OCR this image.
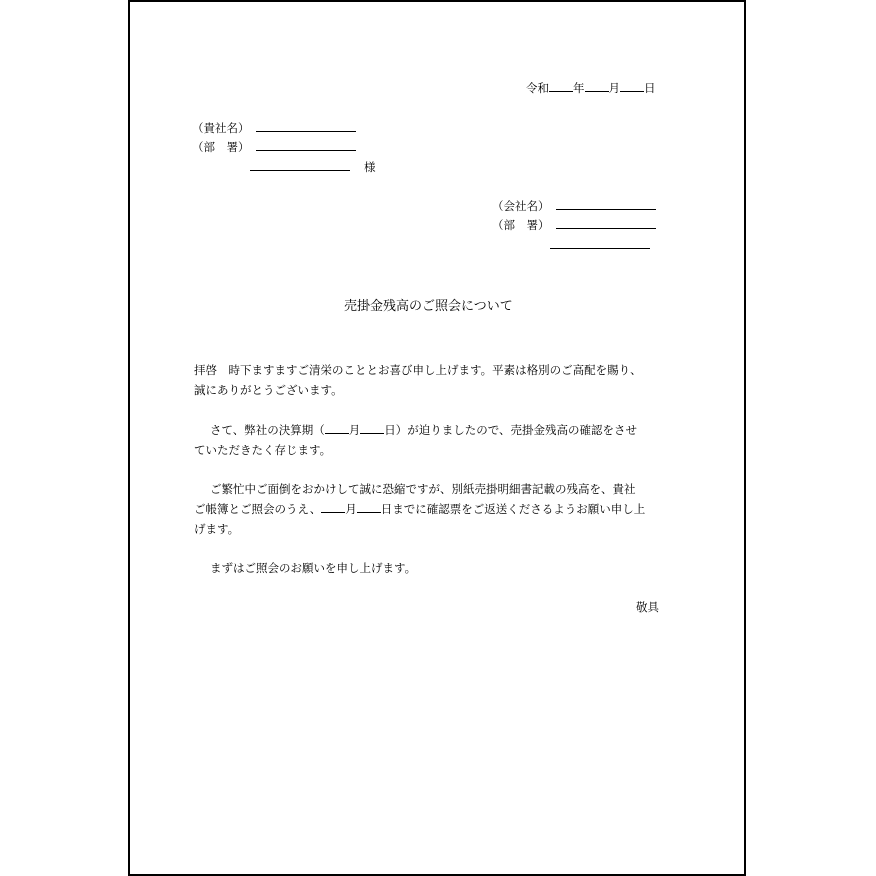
令和 年 月 日
（貴社名）
（部　署）
様
（会社名）
（部　署）
売掛金残高のご照会について
拝啓　時下ますますご清栄のこととお喜び申し上げます。平素は格別のご高配を賜り、
誠にありがとうございます。
さて、弊社の決算期（ 月 日）が迫りましたので、売掛金残高の確認をさせ
ていただきたく存じます。
ご繁忙中ご面倒をおかけして誠に恐縮ですが、別紙売掛明細書記載の残高を、貴社
ご帳簿とご照会のうえ、 月 日までに確認票をご返送くださるようお願い申し上
げます。
まずはご照会のお願いを申し上げます。
敬具
